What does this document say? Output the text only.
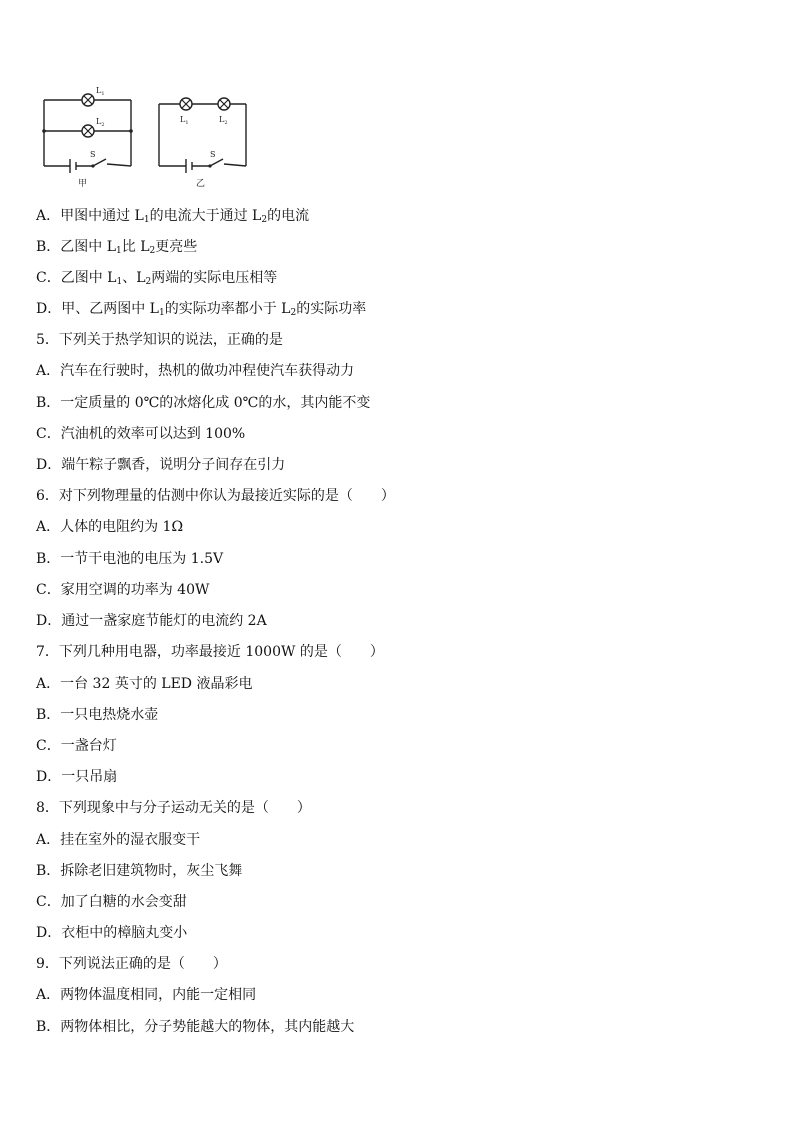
$L_1$
$L_2$
S
甲
$L_1$	$L_2$
S
乙
A．甲图中通过 $L_1$的电流大于通过 $L_2$的电流
B．乙图中 $L_1$比 $L_2$更亮些
C．乙图中 $L_1$、$L_2$两端的实际电压相等
D．甲、乙两图中 $L_1$的实际功率都小于 $L_2$的实际功率
5．下列关于热学知识的说法，正确的是
A．汽车在行驶时，热机的做功冲程使汽车获得动力
B．一定质量的 0℃的冰熔化成 0℃的水，其内能不变
C．汽油机的效率可以达到 100%
D．端午粽子飘香，说明分子间存在引力
6．对下列物理量的估测中你认为最接近实际的是（　　）
A．人体的电阻约为 1Ω
B．一节干电池的电压为 1.5V
C．家用空调的功率为 40W
D．通过一盏家庭节能灯的电流约 2A
7．下列几种用电器，功率最接近 1000W 的是（　　）
A．一台 32 英寸的 LED 液晶彩电
B．一只电热烧水壶
C．一盏台灯
D．一只吊扇
8．下列现象中与分子运动无关的是（　　）
A．挂在室外的湿衣服变干
B．拆除老旧建筑物时，灰尘飞舞
C．加了白糖的水会变甜
D．衣柜中的樟脑丸变小
9．下列说法正确的是（　　）
A．两物体温度相同，内能一定相同
B．两物体相比，分子势能越大的物体，其内能越大
